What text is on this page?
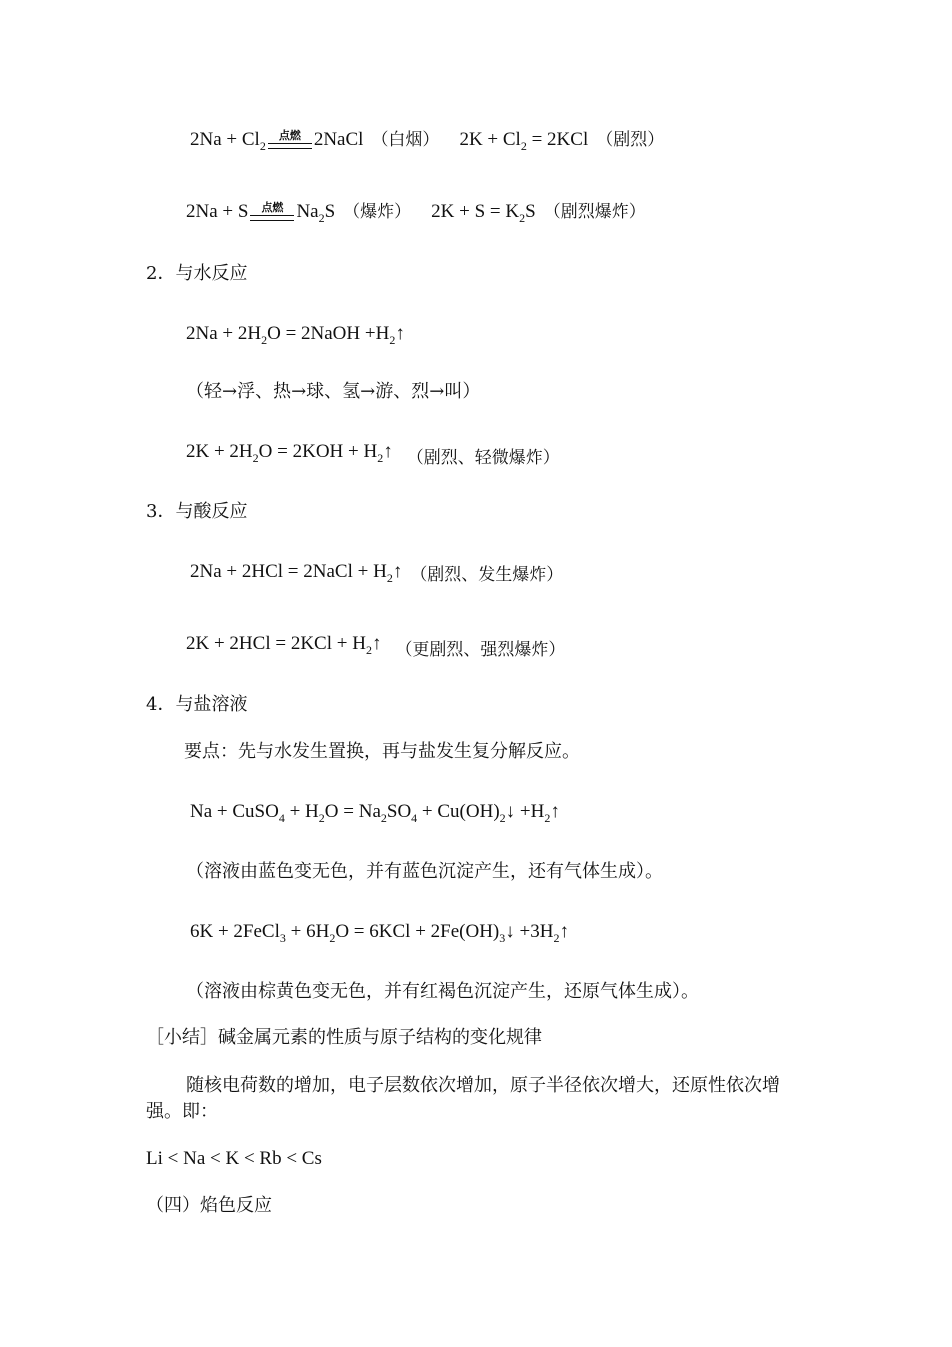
$2Na + Cl_2$
点燃 2NaCl （白烟） $2K + Cl_2 = 2KCl$ （剧烈）
2Na + S 点燃 $Na_2S$ （爆炸） $2K + S = K_2S$ （剧烈爆炸）
2．与水反应
$2Na + 2H_2O$ = 2NaOH $+H_2↑$
（轻→浮、热→球、氢→游、烈→叫）
$2K + 2H_2O = 2KOH$ + $H_2↑$ （剧烈、轻微爆炸）
3．与酸反应
2Na + 2HCl = 2NaCl + $H_2↑$ （剧烈、发生爆炸）
$2K + 2HCl = 2KCl + H_2↑$ （更剧烈、强烈爆炸）
4．与盐溶液
要点：先与水发生置换，再与盐发生复分解反应。
Na + CuSO$_4$ + $H_2O = Na_2SO_4$ + $Cu(OH)_2↓$ $+H_2↑$
（溶液由蓝色变无色，并有蓝色沉淀产生，还有气体生成）。
6K + 2FeCl$_3$ + $6H_2O = 6KCl$ + $2Fe(OH)_3↓$ $+3H_2↑$
（溶液由棕黄色变无色，并有红褐色沉淀产生，还原气体生成）。
［小结］碱金属元素的性质与原子结构的变化规律
随核电荷数的增加，电子层数依次增加，原子半径依次增大，还原性依次增
强。即：
Li < Na < K < Rb < Cs
（四）焰色反应
